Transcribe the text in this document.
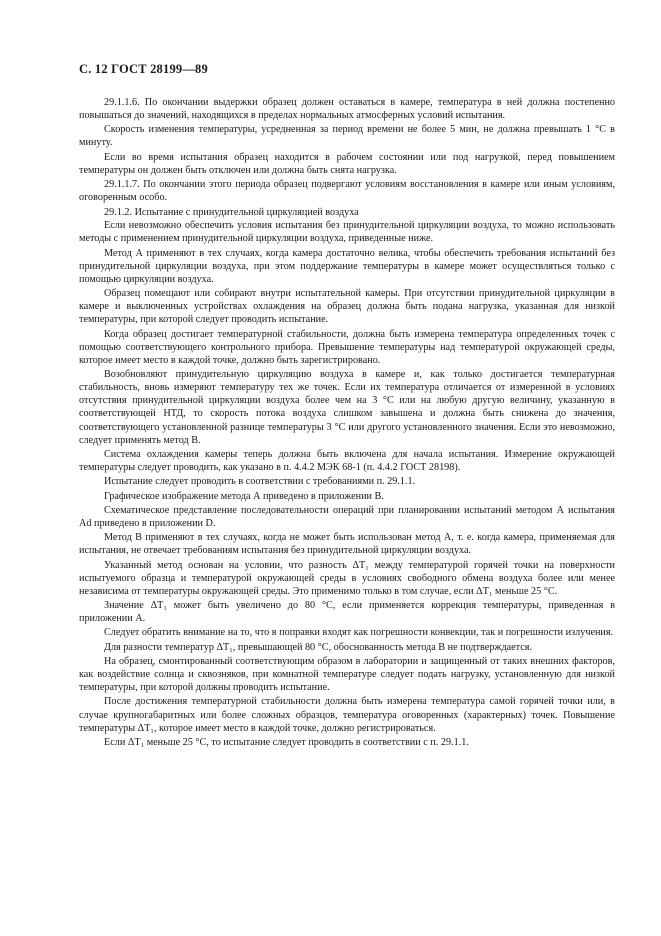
С. 12 ГОСТ 28199—89

29.1.1.6. По окончании выдержки образец должен оставаться в камере, температура в ней должна постепенно повышаться до значений, находящихся в пределах нормальных атмосферных условий испытания.

Скорость изменения температуры, усредненная за период времени не более 5 мин, не должна превышать 1 °С в минуту.

Если во время испытания образец находится в рабочем состоянии или под нагрузкой, перед повышением температуры он должен быть отключен или должна быть снята нагрузка.

29.1.1.7. По окончании этого периода образец подвергают условиям восстановления в камере или иным условиям, оговоренным особо.

29.1.2. Испытание с принудительной циркуляцией воздуха

Если невозможно обеспечить условия испытания без принудительной циркуляции воздуха, то можно использовать методы с применением принудительной циркуляции воздуха, приведенные ниже.

Метод А применяют в тех случаях, когда камера достаточно велика, чтобы обеспечить требования испытаний без принудительной циркуляции воздуха, при этом поддержание температуры в камере может осуществляться только с помощью циркуляции воздуха.

Образец помещают или собирают внутри испытательной камеры. При отсутствии принудительной циркуляции в камере и выключенных устройствах охлаждения на образец должна быть подана нагрузка, указанная для низкой температуры, при которой следует проводить испытание.

Когда образец достигает температурной стабильности, должна быть измерена температура определенных точек с помощью соответствующего контрольного прибора. Превышение температуры над температурой окружающей среды, которое имеет место в каждой точке, должно быть зарегистрировано.

Возобновляют принудительную циркуляцию воздуха в камере и, как только достигается температурная стабильность, вновь измеряют температуру тех же точек. Если их температура отличается от измеренной в условиях отсутствия принудительной циркуляции воздуха более чем на 3 °С или на любую другую величину, указанную в соответствующей НТД, то скорость потока воздуха слишком завышена и должна быть снижена до значения, соответствующего установленной разнице температуры 3 °С или другого установленного значения. Если это невозможно, следует применять метод В.

Система охлаждения камеры теперь должна быть включена для начала испытания. Измерение окружающей температуры следует проводить, как указано в п. 4.4.2 МЭК 68-1 (п. 4.4.2 ГОСТ 28198).

Испытание следует проводить в соответствии с требованиями п. 29.1.1.

Графическое изображение метода А приведено в приложении В.

Схематическое представление последовательности операций при планировании испытаний методом А испытания Ad приведено в приложении D.

Метод В применяют в тех случаях, когда не может быть использован метод А, т. е. когда камера, применяемая для испытания, не отвечает требованиям испытания без принудительной циркуляции воздуха.

Указанный метод основан на условии, что разность ΔT₁ между температурой горячей точки на поверхности испытуемого образца и температурой окружающей среды в условиях свободного обмена воздуха более или менее независима от температуры окружающей среды. Это применимо только в том случае, если ΔT₁ меньше 25 °С.

Значение ΔT₁ может быть увеличено до 80 °С, если применяется коррекция температуры, приведенная в приложении А.

Следует обратить внимание на то, что в поправки входят как погрешности конвекции, так и погрешности излучения.

Для разности температур ΔT₁, превышающей 80 °С, обоснованность метода В не подтверждается.

На образец, смонтированный соответствующим образом в лаборатории и защищенный от таких внешних факторов, как воздействие солнца и сквозняков, при комнатной температуре следует подать нагрузку, установленную для низкой температуры, при которой должны проводить испытание.

После достижения температурной стабильности должна быть измерена температура самой горячей точки или, в случае крупногабаритных или более сложных образцов, температура оговоренных (характерных) точек. Повышение температуры ΔT₁, которое имеет место в каждой точке, должно регистрироваться.

Если ΔT₁ меньше 25 °С, то испытание следует проводить в соответствии с п. 29.1.1.
